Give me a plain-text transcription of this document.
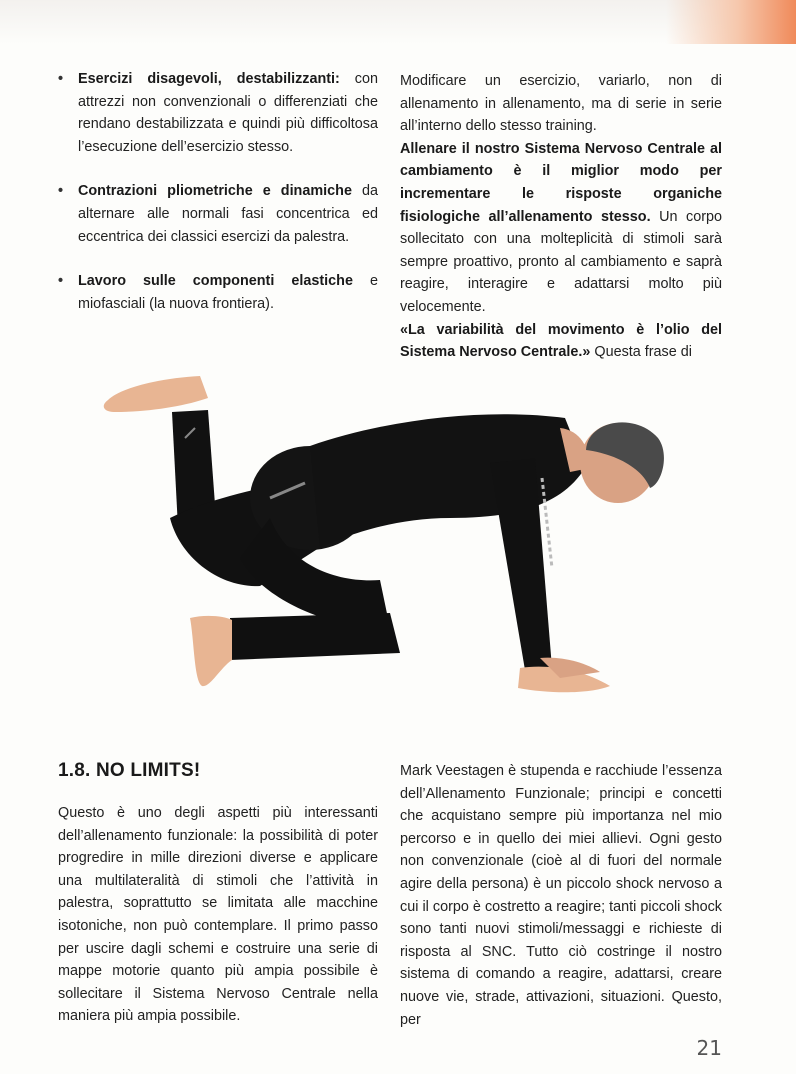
• Esercizi disagevoli, destabilizzanti: con attrezzi non convenzionali o differenziati che rendano destabilizzata e quindi più difficoltosa l’esecuzione dell’esercizio stesso.
• Contrazioni pliometriche e dinamiche da alternare alle normali fasi concentrica ed eccentrica dei classici esercizi da palestra.
• Lavoro sulle componenti elastiche e miofasciali (la nuova frontiera).

Modificare un esercizio, variarlo, non di allenamento in allenamento, ma di serie in serie all’interno dello stesso training.

Allenare il nostro Sistema Nervoso Centrale al cambiamento è il miglior modo per incrementare le risposte organiche fisiologiche all’allenamento stesso. Un corpo sollecitato con una molteplicità di stimoli sarà sempre proattivo, pronto al cambiamento e saprà reagire, interagire e adattarsi molto più velocemente.

«La variabilità del movimento è l’olio del Sistema Nervoso Centrale.» Questa frase di

1.8. NO LIMITS!

Questo è uno degli aspetti più interessanti dell’allenamento funzionale: la possibilità di poter progredire in mille direzioni diverse e applicare una multilateralità di stimoli che l’attività in palestra, soprattutto se limitata alle macchine isotoniche, non può contemplare. Il primo passo per uscire dagli schemi e costruire una serie di mappe motorie quanto più ampia possibile è sollecitare il Sistema Nervoso Centrale nella maniera più ampia possibile.

Mark Veestagen è stupenda e racchiude l’essenza dell’Allenamento Funzionale; principi e concetti che acquistano sempre più importanza nel mio percorso e in quello dei miei allievi. Ogni gesto non convenzionale (cioè al di fuori del normale agire della persona) è un piccolo shock nervoso a cui il corpo è costretto a reagire; tanti piccoli shock sono tanti nuovi stimoli/messaggi e richieste di risposta al SNC. Tutto ciò costringe il nostro sistema di comando a reagire, adattarsi, creare nuove vie, strade, attivazioni, situazioni. Questo, per

21
